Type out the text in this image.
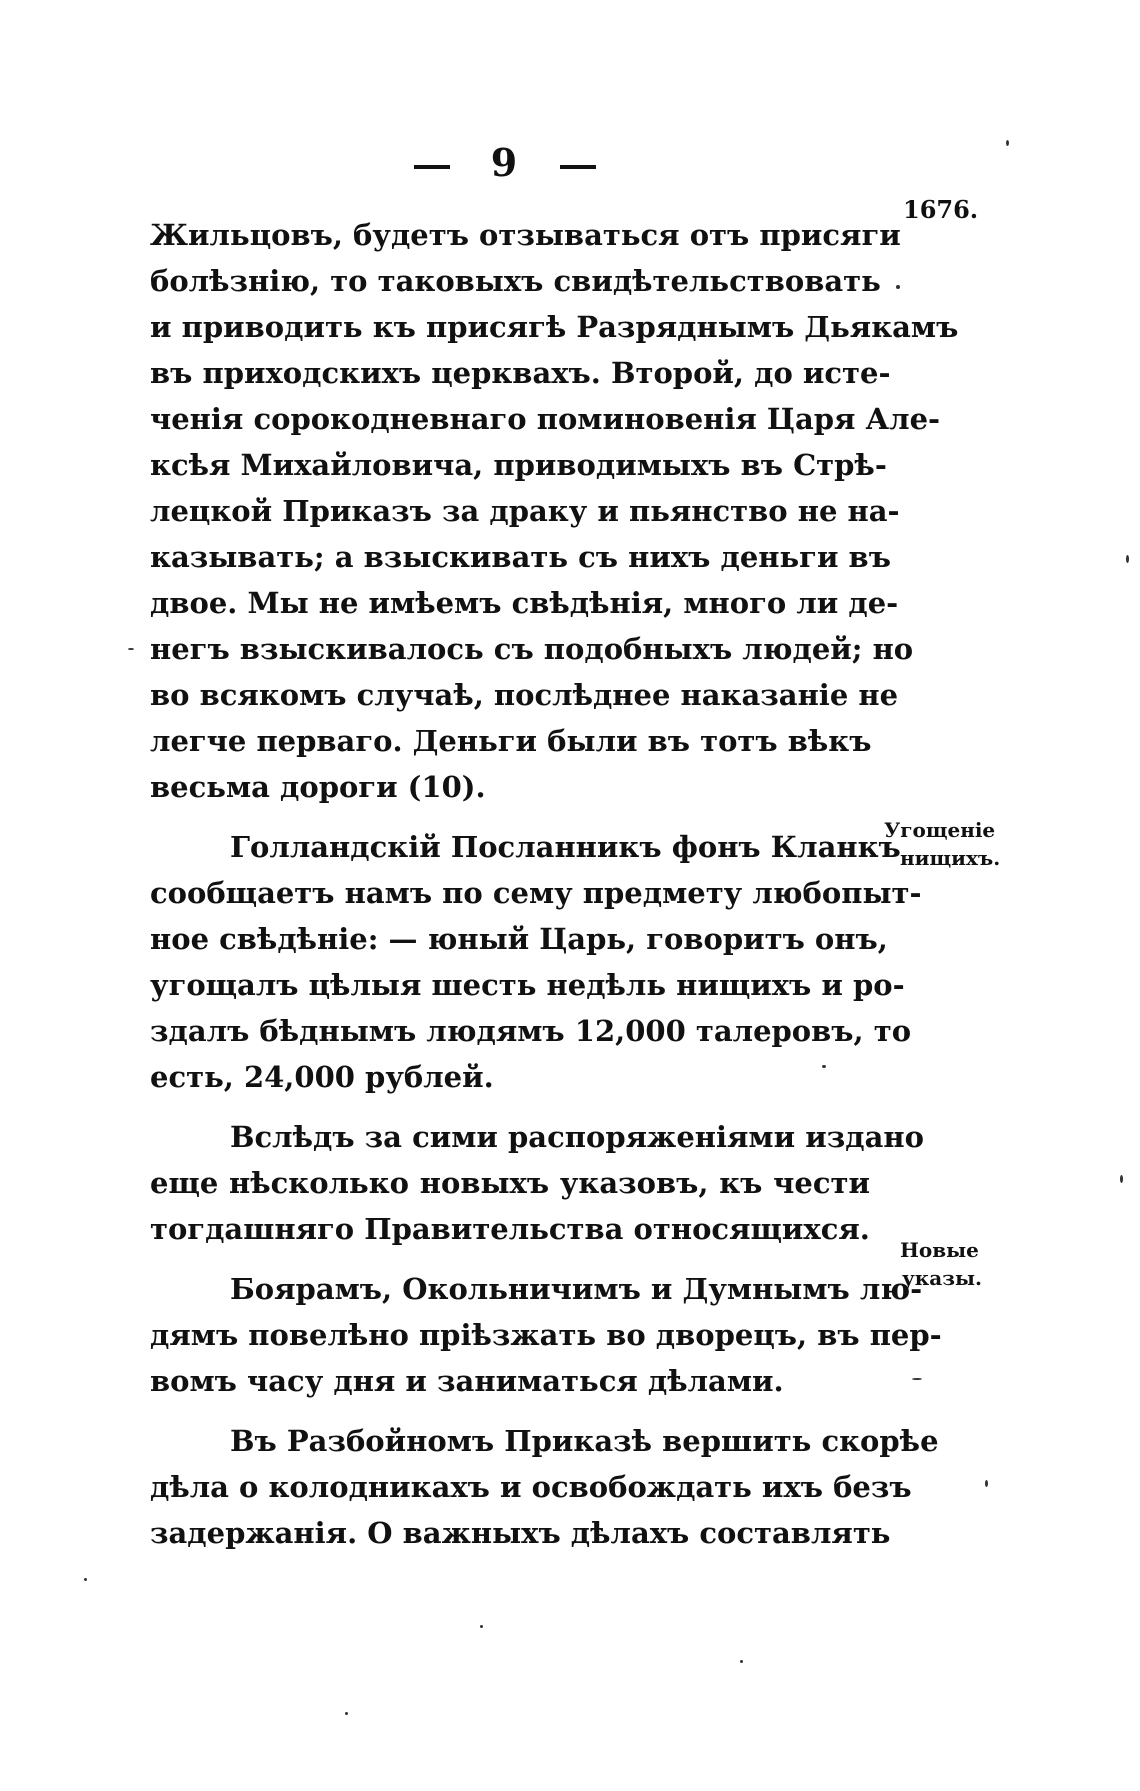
9
1676.
Угощеніе
нищихъ.
Новые
указы.
Жильцовъ, будетъ отзываться отъ присяги
болѣзнію, то таковыхъ свидѣтельствовать
и приводить къ присягѣ Разряднымъ Дьякамъ
въ приходскихъ церквахъ. Второй, до исте-
ченія сорокодневнаго поминовенія Царя Але-
ксѣя Михайловича, приводимыхъ въ Стрѣ-
лецкой Приказъ за драку и пьянство не на-
казывать; а взыскивать съ нихъ деньги въ
двое. Мы не имѣемъ свѣдѣнія, много ли де-
негъ взыскивалось съ подобныхъ людей; но
во всякомъ случаѣ, послѣднее наказаніе не
легче перваго. Деньги были въ тотъ вѣкъ
весьма дороги (10).
Голландскій Посланникъ фонъ Кланкъ
сообщаетъ намъ по сему предмету любопыт-
ное свѣдѣніе: — юный Царь, говоритъ онъ,
угощалъ цѣлыя шесть недѣль нищихъ и ро-
здалъ бѣднымъ людямъ 12,000 талеровъ, то
есть, 24,000 рублей.
Вслѣдъ за сими распоряженіями издано
еще нѣсколько новыхъ указовъ, къ чести
тогдашняго Правительства относящихся.
Боярамъ, Окольничимъ и Думнымъ лю-
дямъ повелѣно пріѣзжать во дворецъ, въ пер-
вомъ часу дня и заниматься дѣлами.
Въ Разбойномъ Приказѣ вершить скорѣе
дѣла о колодникахъ и освобождать ихъ безъ
задержанія. О важныхъ дѣлахъ составлять
